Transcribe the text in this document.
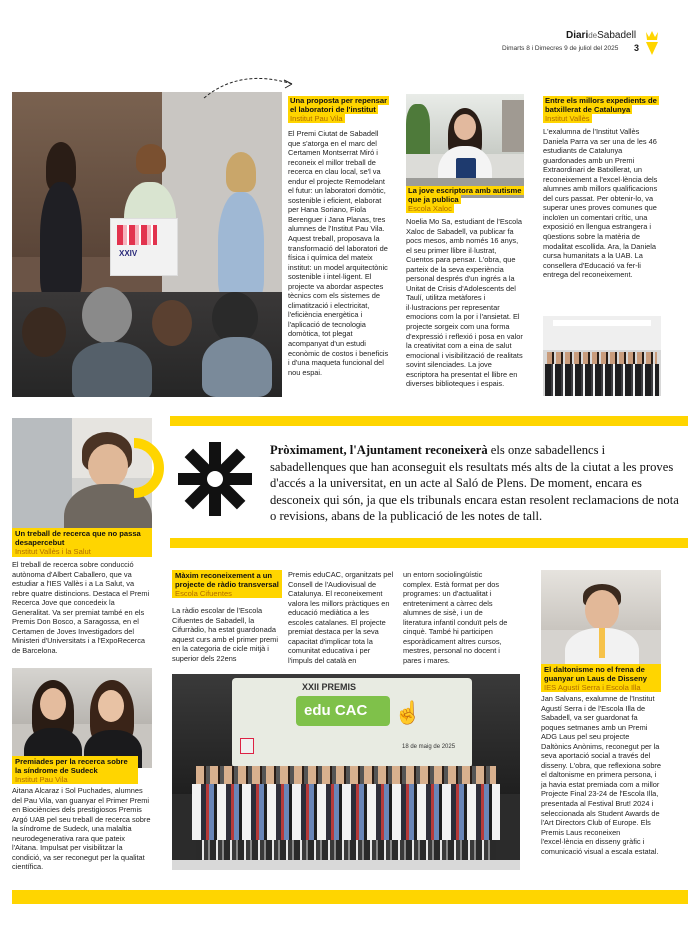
DiarideSabadell
Dimarts 8 i Dimecres 9 de juliol del 2025 3
XXIV
Una proposta per repensar el laboratori de l'institut
Institut Pau Vila
El Premi Ciutat de Sabadell que s'atorga en el marc del Certamen Montserrat Miró i reconeix el millor treball de recerca en clau local, se'l va endur el projecte Remodelant el futur: un laboratori domòtic, sostenible i eficient, elaborat per Hana Soriano, Fiola Berenguer i Jana Planas, tres alumnes de l'Institut Pau Vila. Aquest treball, proposava la transformació del laboratori de física i química del mateix institut: un model arquitectònic sostenible i intel·ligent. El projecte va abordar aspectes tècnics com els sistemes de climatització i electricitat, l'eficiència energètica i l'aplicació de tecnologia domòtica, tot plegat acompanyat d'un estudi econòmic de costos i beneficis i d'una maqueta funcional del nou espai.
La jove escriptora amb autisme que ja publica
Escola Xaloc
Noelia Mo Sa, estudiant de l'Escola Xaloc de Sabadell, va publicar fa pocs mesos, amb només 16 anys, el seu primer llibre il·lustrat, Cuentos para pensar. L'obra, que parteix de la seva experiència personal després d'un ingrés a la Unitat de Crisis d'Adolescents del Taulí, utilitza metàfores i il·lustracions per representar emocions com la por i l'ansietat. El projecte sorgeix com una forma d'expressió i reflexió i posa en valor la creativitat com a eina de salut emocional i visibilització de realitats sovint silenciades. La jove escriptora ha presentat el llibre en diverses biblioteques i espais.
Entre els millors expedients de batxillerat de Catalunya
Institut Vallès
L'exalumna de l'Institut Vallès Daniela Parra va ser una de les 46 estudiants de Catalunya guardonades amb un Premi Extraordinari de Batxillerat, un reconeixement a l'excel·lència dels alumnes amb millors qualificacions del curs passat. Per obtenir-lo, va superar unes proves comunes que incloïen un comentari crític, una exposició en llengua estrangera i qüestions sobre la matèria de modalitat escollida. Ara, la Daniela cursa humanitats a la UAB. La consellera d'Educació va fer-li entrega del reconeixement.
Un treball de recerca que no passa desapercebut
Institut Vallès i la Salut
El treball de recerca sobre conducció autònoma d'Albert Caballero, que va estudiar a l'IES Vallès i a La Salut, va rebre quatre distincions. Destaca el Premi Recerca Jove que concedeix la Generalitat. Va ser premiat també en els Premis Don Bosco, a Saragossa, en el Certamen de Joves Investigadors del Ministeri d'Universitats i a l'ExpoRecerca de Barcelona.
Pròximament, l'Ajuntament reconeixerà els onze sabadellencs i sabadellenques que han aconseguit els resultats més alts de la ciutat a les proves d'accés a la universitat, en un acte al Saló de Plens. De moment, encara es desconeix qui són, ja que els tribunals encara estan resolent reclamacions de nota o revisions, abans de la publicació de les notes de tall.
Màxim reconeixement a un projecte de ràdio transversal
Escola Cifuentes
La ràdio escolar de l'Escola Cifuentes de Sabadell, la Cifurràdio, ha estat guardonada aquest curs amb el primer premi en la categoria de cicle mitjà i superior dels 22ens
Premis eduCAC, organitzats pel Consell de l'Audiovisual de Catalunya. El reconeixement valora les millors pràctiques en educació mediàtica a les escoles catalanes. El projecte premiat destaca per la seva capacitat d'implicar tota la comunitat educativa i per l'impuls del català en
un entorn sociolingüístic complex. Està format per dos programes: un d'actualitat i entreteniment a càrrec dels alumnes de sisè, i un de literatura infantil conduït pels de cinquè. També hi participen esporàdicament altres cursos, mestres, personal no docent i pares i mares.
XXII PREMIS
edu CAC ☝
18 de maig de 2025
Premiades per la recerca sobre la síndrome de Sudeck
Institut Pau Vila
Aitana Alcaraz i Sol Puchades, alumnes del Pau Vila, van guanyar el Primer Premi en Biociències dels prestigiosos Premis Argó UAB pel seu treball de recerca sobre la síndrome de Sudeck, una malaltia neurodegenerativa rara que pateix l'Aitana. Impulsat per visibilitzar la condició, va ser reconegut per la qualitat científica.
El daltonisme no el frena de guanyar un Laus de Disseny
IES Agustí Serra i Escola Illa
Jan Salvans, exalumne de l'Institut Agustí Serra i de l'Escola Illa de Sabadell, va ser guardonat fa poques setmanes amb un Premi ADG Laus pel seu projecte Daltònics Anònims, reconegut per la seva aportació social a través del disseny. L'obra, que reflexiona sobre el daltonisme en primera persona, i ja havia estat premiada com a millor Projecte Final 23-24 de l'Escola Illa, presentada al Festival Brut! 2024 i seleccionada als Student Awards de l'Art Directors Club of Europe. Els Premis Laus reconeixen l'excel·lència en disseny gràfic i comunicació visual a escala estatal.
